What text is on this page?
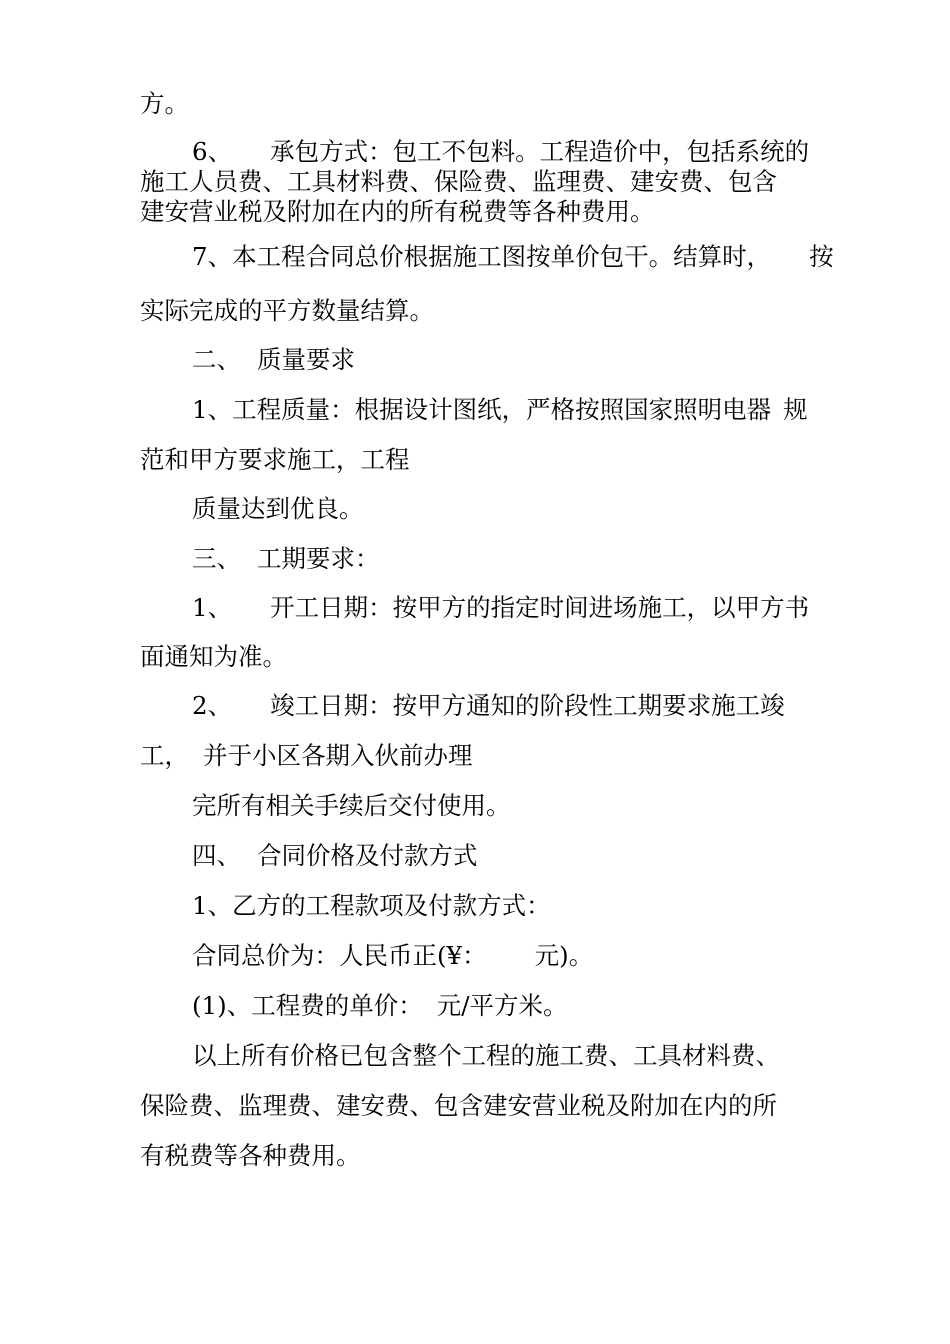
方。
6、 承包方式：包工不包料。工程造价中，包括系统的
施工人员费、工具材料费、保险费、监理费、建安费、包含
建安营业税及附加在内的所有税费等各种费用。
7、本工程合同总价根据施工图按单价包干。结算时， 按
实际完成的平方数量结算。
二、 质量要求
1、工程质量：根据设计图纸，严格按照国家照明电器 规
范和甲方要求施工，工程
质量达到优良。
三、 工期要求：
1、 开工日期：按甲方的指定时间进场施工，以甲方书
面通知为准。
2、 竣工日期：按甲方通知的阶段性工期要求施工竣
工， 并于小区各期入伙前办理
完所有相关手续后交付使用。
四、 合同价格及付款方式
1、乙方的工程款项及付款方式：
合同总价为：人民币正(¥： 元)。
(1)、工程费的单价： 元/平方米。
以上所有价格已包含整个工程的施工费、工具材料费、
保险费、监理费、建安费、包含建安营业税及附加在内的所
有税费等各种费用。
